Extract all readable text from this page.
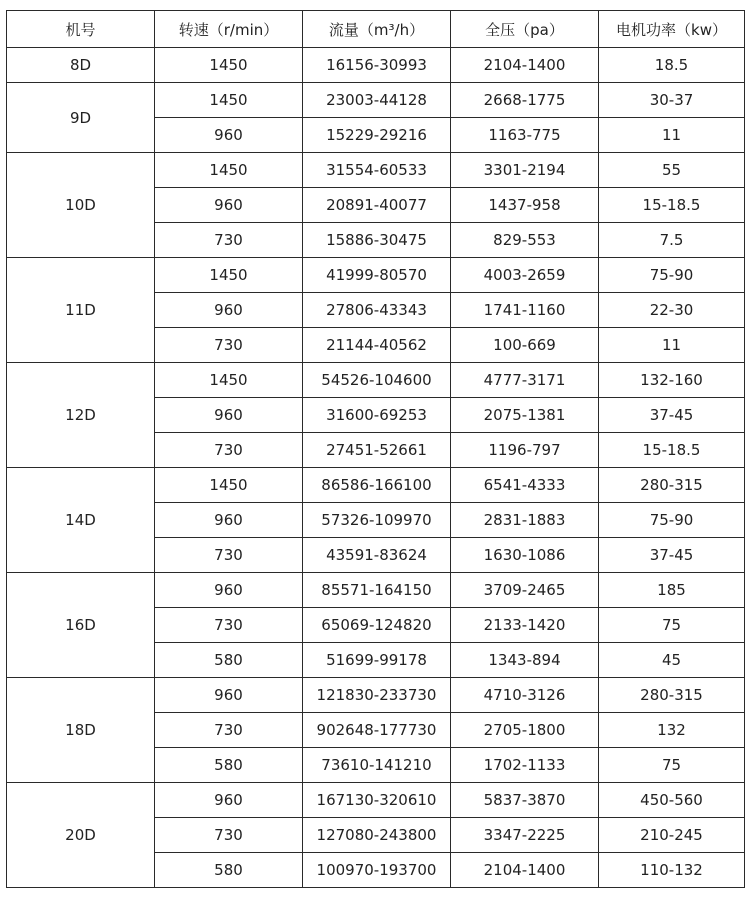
机号	转速（r/min）	流量（m³/h）	全压（pa）	电机功率（kw）
8D	1450	16156-30993	2104-1400	18.5
9D	1450	23003-44128	2668-1775	30-37
	960	15229-29216	1163-775	11
10D	1450	31554-60533	3301-2194	55
	960	20891-40077	1437-958	15-18.5
	730	15886-30475	829-553	7.5
11D	1450	41999-80570	4003-2659	75-90
	960	27806-43343	1741-1160	22-30
	730	21144-40562	100-669	11
12D	1450	54526-104600	4777-3171	132-160
	960	31600-69253	2075-1381	37-45
	730	27451-52661	1196-797	15-18.5
14D	1450	86586-166100	6541-4333	280-315
	960	57326-109970	2831-1883	75-90
	730	43591-83624	1630-1086	37-45
16D	960	85571-164150	3709-2465	185
	730	65069-124820	2133-1420	75
	580	51699-99178	1343-894	45
18D	960	121830-233730	4710-3126	280-315
	730	902648-177730	2705-1800	132
	580	73610-141210	1702-1133	75
20D	960	167130-320610	5837-3870	450-560
	730	127080-243800	3347-2225	210-245
	580	100970-193700	2104-1400	110-132
